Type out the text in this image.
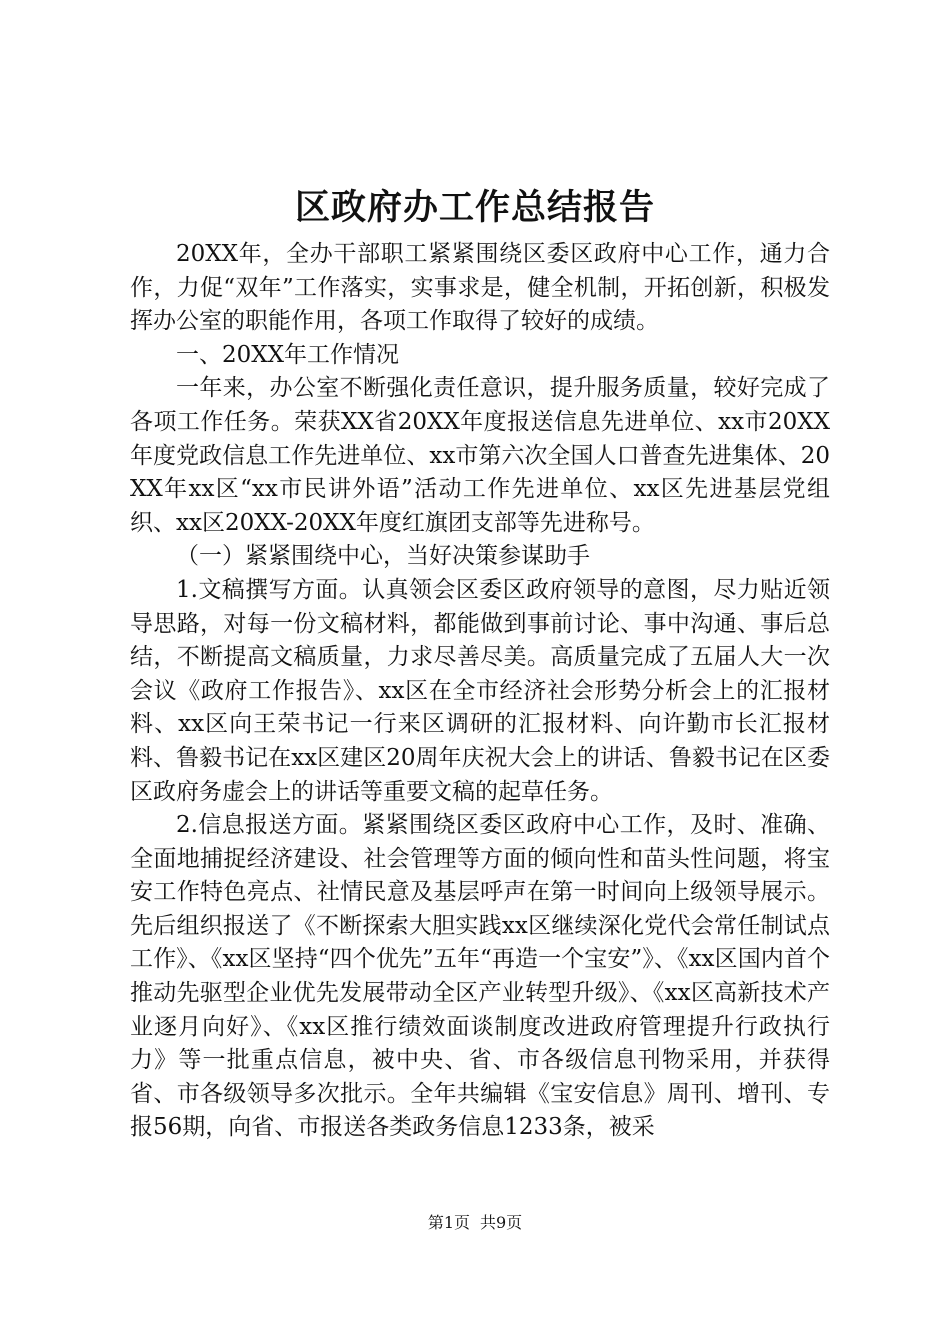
区政府办工作总结报告

20XX年，全办干部职工紧紧围绕区委区政府中心工作，通力合作，力促“双年”工作落实，实事求是，健全机制，开拓创新，积极发挥办公室的职能作用，各项工作取得了较好的成绩。

一、20XX年工作情况

一年来，办公室不断强化责任意识，提升服务质量，较好完成了各项工作任务。荣获XX省20XX年度报送信息先进单位、xx市20XX年度党政信息工作先进单位、xx市第六次全国人口普查先进集体、20XX年xx区“xx市民讲外语”活动工作先进单位、xx区先进基层党组织、xx区20XX-20XX年度红旗团支部等先进称号。

（一）紧紧围绕中心，当好决策参谋助手

1.文稿撰写方面。认真领会区委区政府领导的意图，尽力贴近领导思路，对每一份文稿材料，都能做到事前讨论、事中沟通、事后总结，不断提高文稿质量，力求尽善尽美。高质量完成了五届人大一次会议《政府工作报告》、xx区在全市经济社会形势分析会上的汇报材料、xx区向王荣书记一行来区调研的汇报材料、向许勤市长汇报材料、鲁毅书记在xx区建区20周年庆祝大会上的讲话、鲁毅书记在区委区政府务虚会上的讲话等重要文稿的起草任务。

2.信息报送方面。紧紧围绕区委区政府中心工作，及时、准确、全面地捕捉经济建设、社会管理等方面的倾向性和苗头性问题，将宝安工作特色亮点、社情民意及基层呼声在第一时间向上级领导展示。先后组织报送了《不断探索大胆实践xx区继续深化党代会常任制试点工作》、《xx区坚持“四个优先”五年“再造一个宝安”》、《xx区国内首个推动先驱型企业优先发展带动全区产业转型升级》、《xx区高新技术产业逐月向好》、《xx区推行绩效面谈制度改进政府管理提升行政执行力》等一批重点信息，被中央、省、市各级信息刊物采用，并获得省、市各级领导多次批示。全年共编辑《宝安信息》周刊、增刊、专报56期，向省、市报送各类政务信息1233条，被采

第1页 共9页
